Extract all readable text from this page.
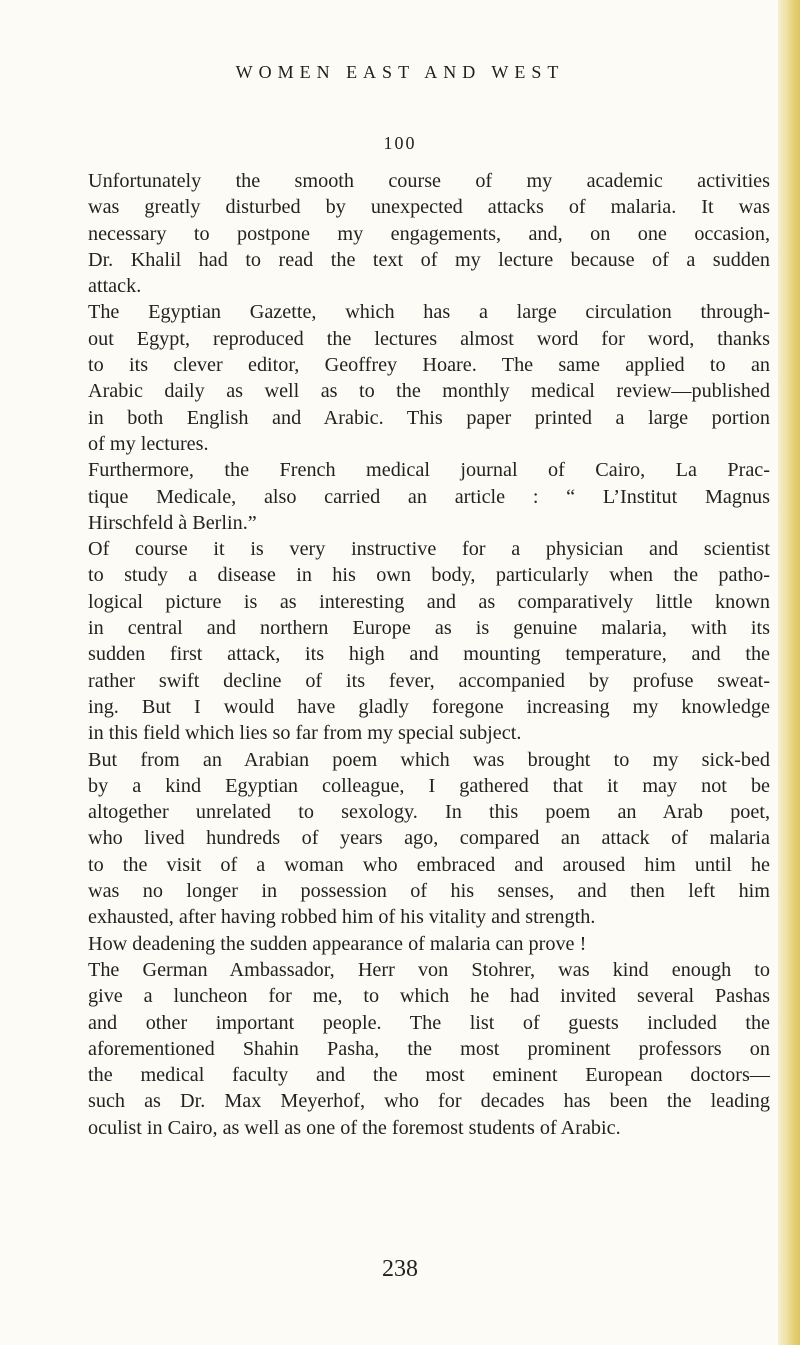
WOMEN EAST AND WEST
100
Unfortunately the smooth course of my academic activities
was greatly disturbed by unexpected attacks of malaria. It was
necessary to postpone my engagements, and, on one occasion,
Dr. Khalil had to read the text of my lecture because of a sudden
attack.
The Egyptian Gazette, which has a large circulation through-
out Egypt, reproduced the lectures almost word for word, thanks
to its clever editor, Geoffrey Hoare. The same applied to an
Arabic daily as well as to the monthly medical review—published
in both English and Arabic. This paper printed a large portion
of my lectures.
Furthermore, the French medical journal of Cairo, La Prac-
tique Medicale, also carried an article : “ L’Institut Magnus
Hirschfeld à Berlin.”
Of course it is very instructive for a physician and scientist
to study a disease in his own body, particularly when the patho-
logical picture is as interesting and as comparatively little known
in central and northern Europe as is genuine malaria, with its
sudden first attack, its high and mounting temperature, and the
rather swift decline of its fever, accompanied by profuse sweat-
ing. But I would have gladly foregone increasing my knowledge
in this field which lies so far from my special subject.
But from an Arabian poem which was brought to my sick-bed
by a kind Egyptian colleague, I gathered that it may not be
altogether unrelated to sexology. In this poem an Arab poet,
who lived hundreds of years ago, compared an attack of malaria
to the visit of a woman who embraced and aroused him until he
was no longer in possession of his senses, and then left him
exhausted, after having robbed him of his vitality and strength.
How deadening the sudden appearance of malaria can prove !
The German Ambassador, Herr von Stohrer, was kind enough to
give a luncheon for me, to which he had invited several Pashas
and other important people. The list of guests included the
aforementioned Shahin Pasha, the most prominent professors on
the medical faculty and the most eminent European doctors—
such as Dr. Max Meyerhof, who for decades has been the leading
oculist in Cairo, as well as one of the foremost students of Arabic.
238
